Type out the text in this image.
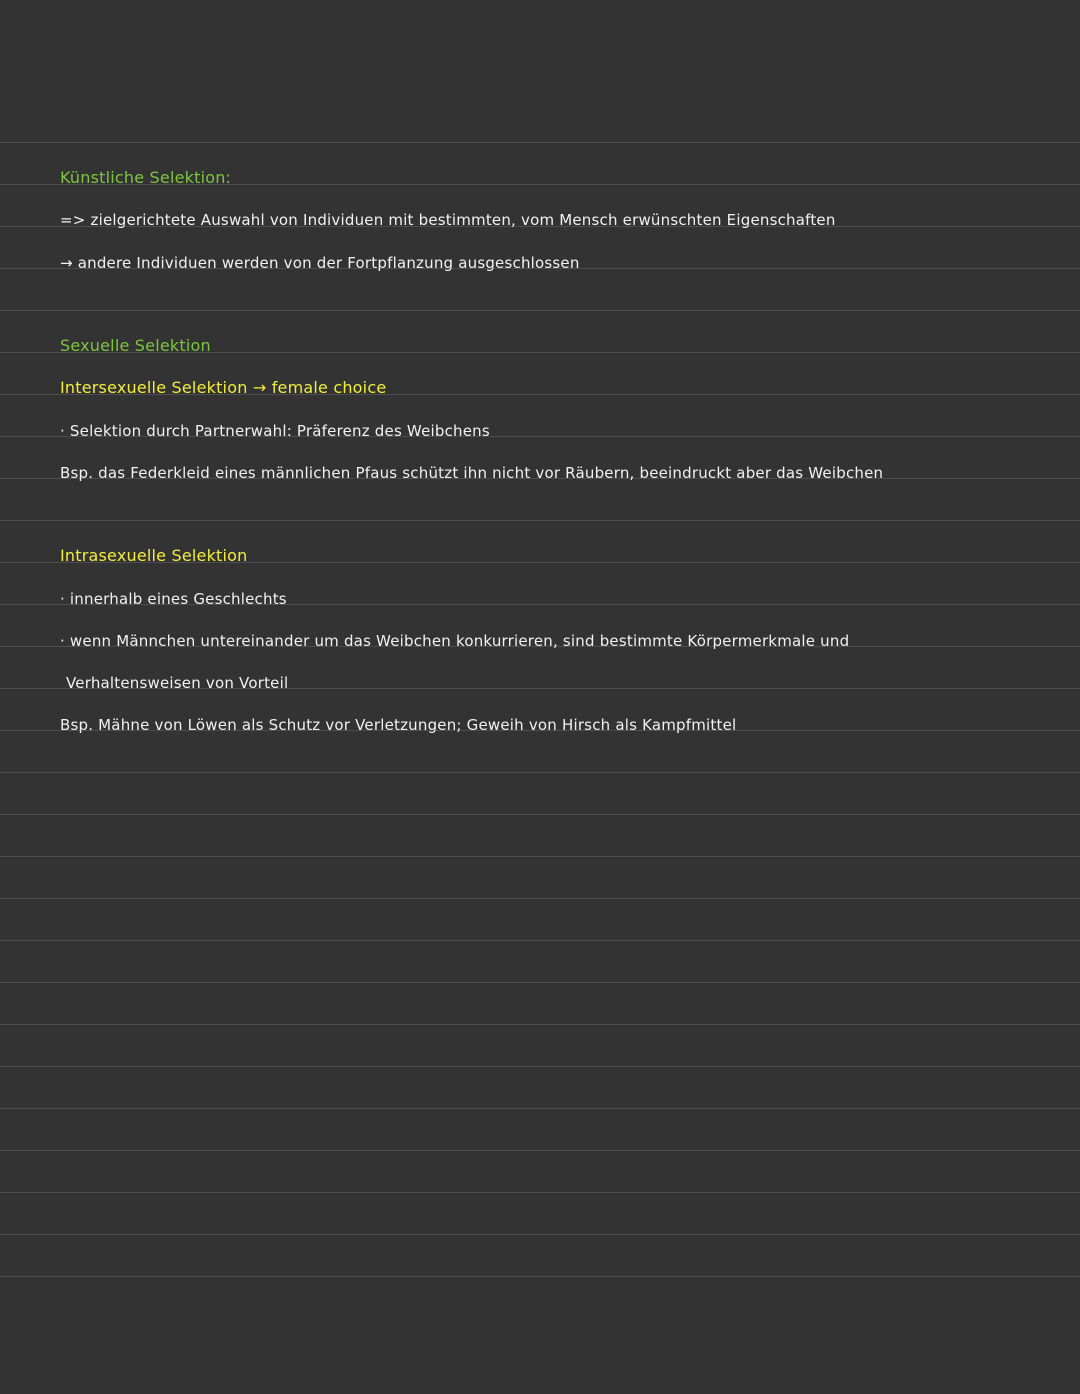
Künstliche Selektion:
=> zielgerichtete Auswahl von Individuen mit bestimmten, vom Mensch erwünschten Eigenschaften
→ andere Individuen werden von der Fortpflanzung ausgeschlossen
Sexuelle Selektion
Intersexuelle Selektion → female choice
· Selektion durch Partnerwahl: Präferenz des Weibchens
Bsp. das Federkleid eines männlichen Pfaus schützt ihn nicht vor Räubern, beeindruckt aber das Weibchen
Intrasexuelle Selektion
· innerhalb eines Geschlechts
· wenn Männchen untereinander um das Weibchen konkurrieren, sind bestimmte Körpermerkmale und
Verhaltensweisen von Vorteil
Bsp. Mähne von Löwen als Schutz vor Verletzungen; Geweih von Hirsch als Kampfmittel
